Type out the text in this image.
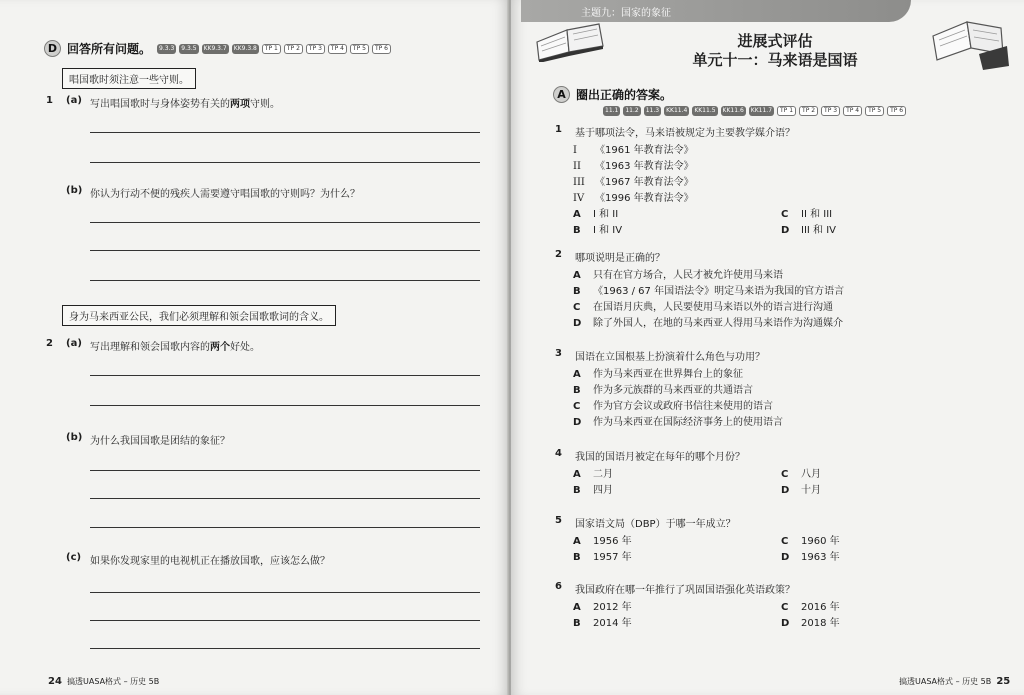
D 回答所有问题。	9.3.3	9.3.5	KK9.3.7	KK9.3.8	TP 1	TP 2	TP 3	TP 4	TP 5	TP 6
唱国歌时须注意一些守则。
1 (a) 写出唱国歌时与身体姿势有关的两项守则。
(b) 你认为行动不便的残疾人需要遵守唱国歌的守则吗？为什么？
身为马来西亚公民，我们必须理解和领会国歌歌词的含义。
2 (a) 写出理解和领会国歌内容的两个好处。
(b) 为什么我国国歌是团结的象征？
(c) 如果你发现家里的电视机正在播放国歌，应该怎么做？
24 搞透UASA格式 – 历史 5B
主题九：国家的象征
进展式评估
单元十一：马来语是国语
A 圈出正确的答案。
11.1	11.2	11.3	KK11.4	KK11.5	KK11.6	KK11.7	TP 1	TP 2	TP 3	TP 4	TP 5	TP 6
1 基于哪项法令，马来语被规定为主要教学媒介语？
I 《1961 年教育法令》
II 《1963 年教育法令》
III 《1967 年教育法令》
IV 《1996 年教育法令》
A I 和 II	C II 和 III
B I 和 IV	D III 和 IV
2 哪项说明是正确的？
A 只有在官方场合，人民才被允许使用马来语
B 《1963 / 67 年国语法令》明定马来语为我国的官方语言
C 在国语月庆典，人民要使用马来语以外的语言进行沟通
D 除了外国人，在地的马来西亚人得用马来语作为沟通媒介
3 国语在立国根基上扮演着什么角色与功用？
A 作为马来西亚在世界舞台上的象征
B 作为多元族群的马来西亚的共通语言
C 作为官方会议或政府书信往来使用的语言
D 作为马来西亚在国际经济事务上的使用语言
4 我国的国语月被定在每年的哪个月份？
A 二月	C 八月
B 四月	D 十月
5 国家语文局（DBP）于哪一年成立？
A 1956 年	C 1960 年
B 1957 年	D 1963 年
6 我国政府在哪一年推行了巩固国语强化英语政策？
A 2012 年	C 2016 年
B 2014 年	D 2018 年
搞透UASA格式 – 历史 5B 25
